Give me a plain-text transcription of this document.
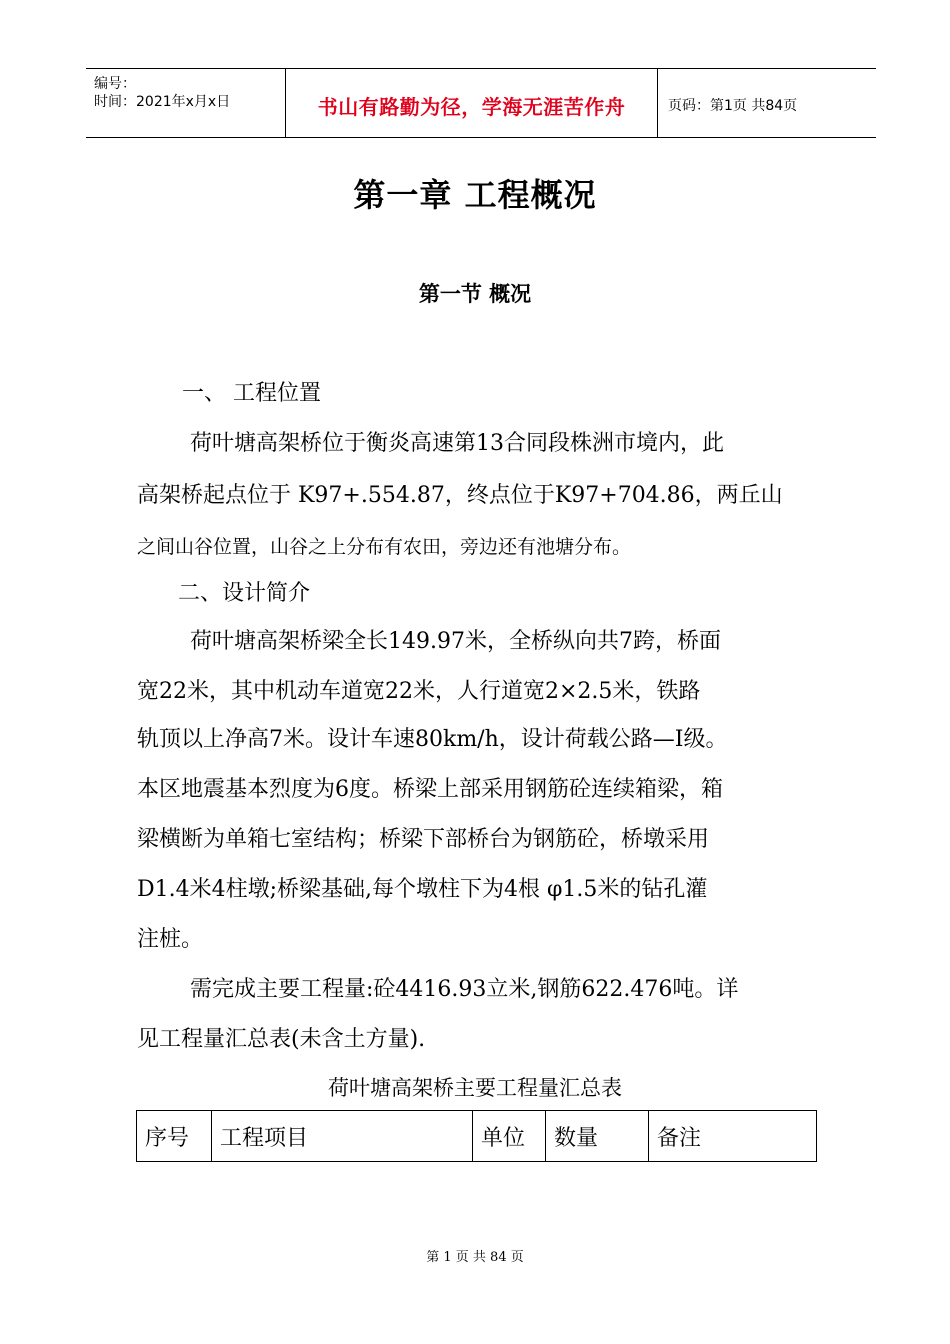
编号：
时间：2021年x月x日	书山有路勤为径，学海无涯苦作舟	页码：第1页 共84页
第一章 工程概况
第一节 概况
一、 工程位置
荷叶塘高架桥位于衡炎高速第13合同段株洲市境内，此
高架桥起点位于 K97+.554.87，终点位于K97+704.86，两丘山
之间山谷位置，山谷之上分布有农田，旁边还有池塘分布。
二、设计简介
荷叶塘高架桥梁全长149.97米，全桥纵向共7跨，桥面
宽22米，其中机动车道宽22米，人行道宽2×2.5米，铁路
轨顶以上净高7米。设计车速80km/h，设计荷载公路—I级。
本区地震基本烈度为6度。桥梁上部采用钢筋砼连续箱梁，箱
梁横断为单箱七室结构；桥梁下部桥台为钢筋砼，桥墩采用
D1.4米4柱墩;桥梁基础,每个墩柱下为4根 φ1.5米的钻孔灌
注桩。
需完成主要工程量:砼4416.93立米,钢筋622.476吨。详
见工程量汇总表(未含土方量).
荷叶塘高架桥主要工程量汇总表
序号	工程项目	单位	数量	备注
第 1 页 共 84 页
